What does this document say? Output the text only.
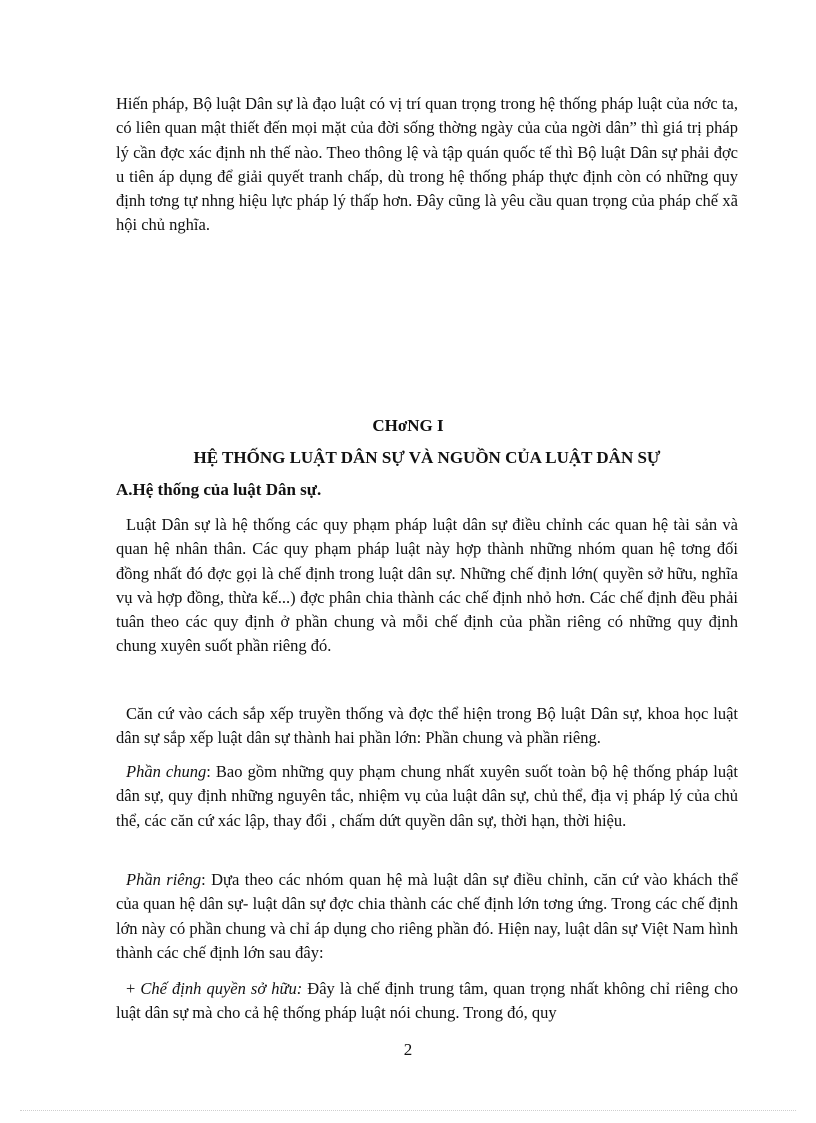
Hiến pháp, Bộ luật Dân sự là đạo luật có vị trí quan trọng trong hệ thống pháp luật của nớc ta, có liên quan mật thiết đến mọi mặt của đời sống thờng ngày của của ngời dân” thì giá trị pháp lý cần đợc xác định nh thế nào. Theo thông lệ và tập quán quốc tế thì Bộ luật Dân sự phải đợc u tiên áp dụng để giải quyết tranh chấp, dù trong hệ thống pháp thực định còn có những quy định tơng tự nhng hiệu lực pháp lý thấp hơn. Đây cũng là yêu cầu quan trọng của pháp chế xã hội chủ nghĩa.

CHơNG I
HỆ THỐNG LUẬT DÂN SỰ VÀ NGUỒN CỦA LUẬT DÂN SỰ
A.Hệ thống của luật Dân sự.

Luật Dân sự là hệ thống các quy phạm pháp luật dân sự điều chỉnh các quan hệ tài sản và quan hệ nhân thân. Các quy phạm pháp luật này hợp thành những nhóm quan hệ tơng đối đồng nhất đó đợc gọi là chế định trong luật dân sự. Những chế định lớn( quyền sở hữu, nghĩa vụ và hợp đồng, thừa kế...) đợc phân chia thành các chế định nhỏ hơn. Các chế định đều phải tuân theo các quy định ở phần chung và mỗi chế định của phần riêng có những quy định chung xuyên suốt phần riêng đó.

Căn cứ vào cách sắp xếp truyền thống và đợc thể hiện trong Bộ luật Dân sự, khoa học luật dân sự sắp xếp luật dân sự thành hai phần lớn: Phần chung và phần riêng.

Phần chung: Bao gồm những quy phạm chung nhất xuyên suốt toàn bộ hệ thống pháp luật dân sự, quy định những nguyên tắc, nhiệm vụ của luật dân sự, chủ thể, địa vị pháp lý của chủ thể, các căn cứ xác lập, thay đổi , chấm dứt quyền dân sự, thời hạn, thời hiệu.

Phần riêng: Dựa theo các nhóm quan hệ mà luật dân sự điều chỉnh, căn cứ vào khách thể của quan hệ dân sự- luật dân sự đợc chia thành các chế định lớn tơng ứng. Trong các chế định lớn này có phần chung và chỉ áp dụng cho riêng phần đó. Hiện nay, luật dân sự Việt Nam hình thành các chế định lớn sau đây:

+ Chế định quyền sở hữu: Đây là chế định trung tâm, quan trọng nhất không chỉ riêng cho luật dân sự mà cho cả hệ thống pháp luật nói chung. Trong đó, quy

2
